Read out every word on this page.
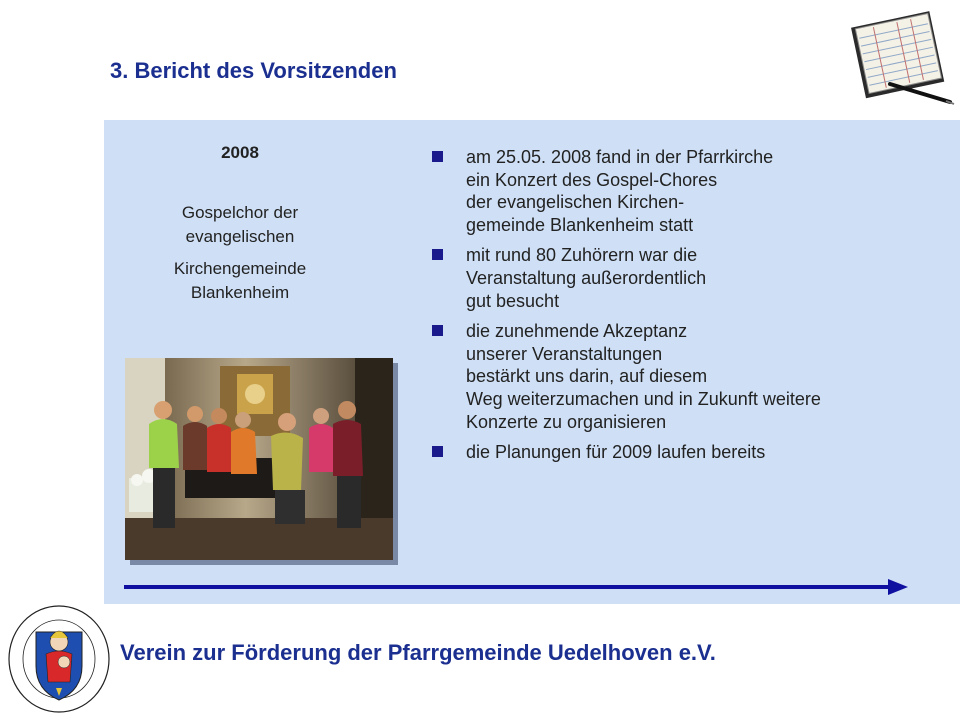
3. Bericht des Vorsitzenden
2008
Gospelchor der
evangelischen
Kirchengemeinde
Blankenheim
am 25.05. 2008 fand in der Pfarrkirche
ein Konzert des Gospel-Chores
der evangelischen Kirchen-
gemeinde Blankenheim statt
mit rund 80 Zuhörern war die
Veranstaltung außerordentlich
gut besucht
die zunehmende Akzeptanz
unserer Veranstaltungen
bestärkt uns darin, auf diesem
Weg weiterzumachen und in Zukunft weitere
Konzerte zu organisieren
die Planungen für 2009 laufen bereits
Verein zur Förderung der Pfarrgemeinde Uedelhoven e.V.
